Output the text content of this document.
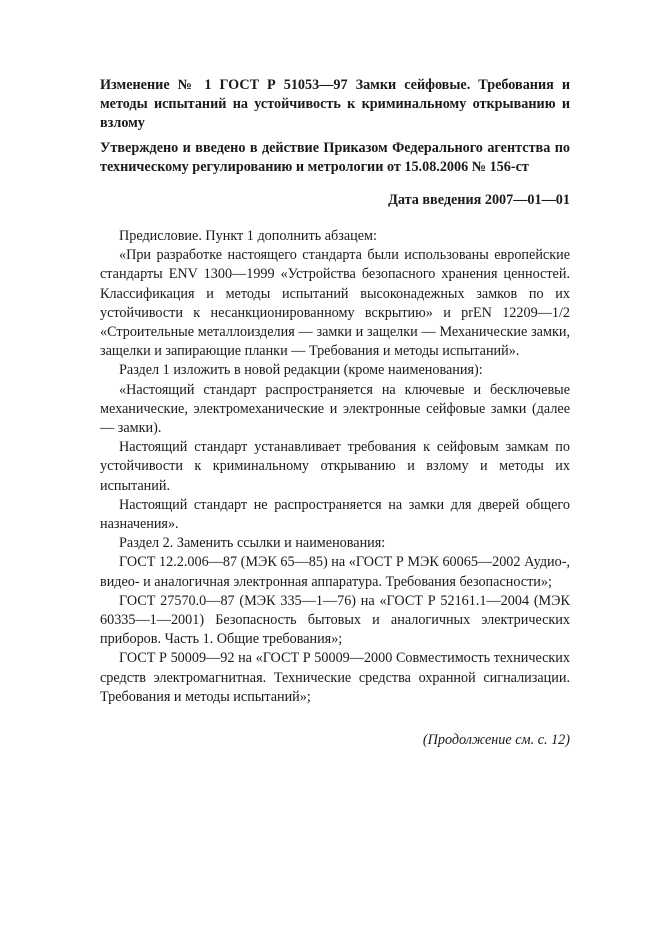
Изменение № 1 ГОСТ Р 51053—97 Замки сейфовые. Требования и методы испытаний на устойчивость к криминальному открыванию и взлому

Утверждено и введено в действие Приказом Федерального агентства по техническому регулированию и метрологии от 15.08.2006 № 156-ст

Дата введения 2007—01—01

Предисловие. Пункт 1 дополнить абзацем:

«При разработке настоящего стандарта были использованы европейские стандарты ENV 1300—1999 «Устройства безопасного хранения ценностей. Классификация и методы испытаний высоконадежных замков по их устойчивости к несанкционированному вскрытию» и prEN 12209—1/2 «Строительные металлоизделия — замки и защелки — Механические замки, защелки и запирающие планки — Требования и методы испытаний».

Раздел 1 изложить в новой редакции (кроме наименования):

«Настоящий стандарт распространяется на ключевые и бесключевые механические, электромеханические и электронные сейфовые замки (далее — замки).

Настоящий стандарт устанавливает требования к сейфовым замкам по устойчивости к криминальному открыванию и взлому и методы их испытаний.

Настоящий стандарт не распространяется на замки для дверей общего назначения».

Раздел 2. Заменить ссылки и наименования:

ГОСТ 12.2.006—87 (МЭК 65—85) на «ГОСТ Р МЭК 60065—2002 Аудио-, видео- и аналогичная электронная аппаратура. Требования безопасности»;

ГОСТ 27570.0—87 (МЭК 335—1—76) на «ГОСТ Р 52161.1—2004 (МЭК 60335—1—2001) Безопасность бытовых и аналогичных электрических приборов. Часть 1. Общие требования»;

ГОСТ Р 50009—92 на «ГОСТ Р 50009—2000 Совместимость технических средств электромагнитная. Технические средства охранной сигнализации. Требования и методы испытаний»;

(Продолжение см. с. 12)
